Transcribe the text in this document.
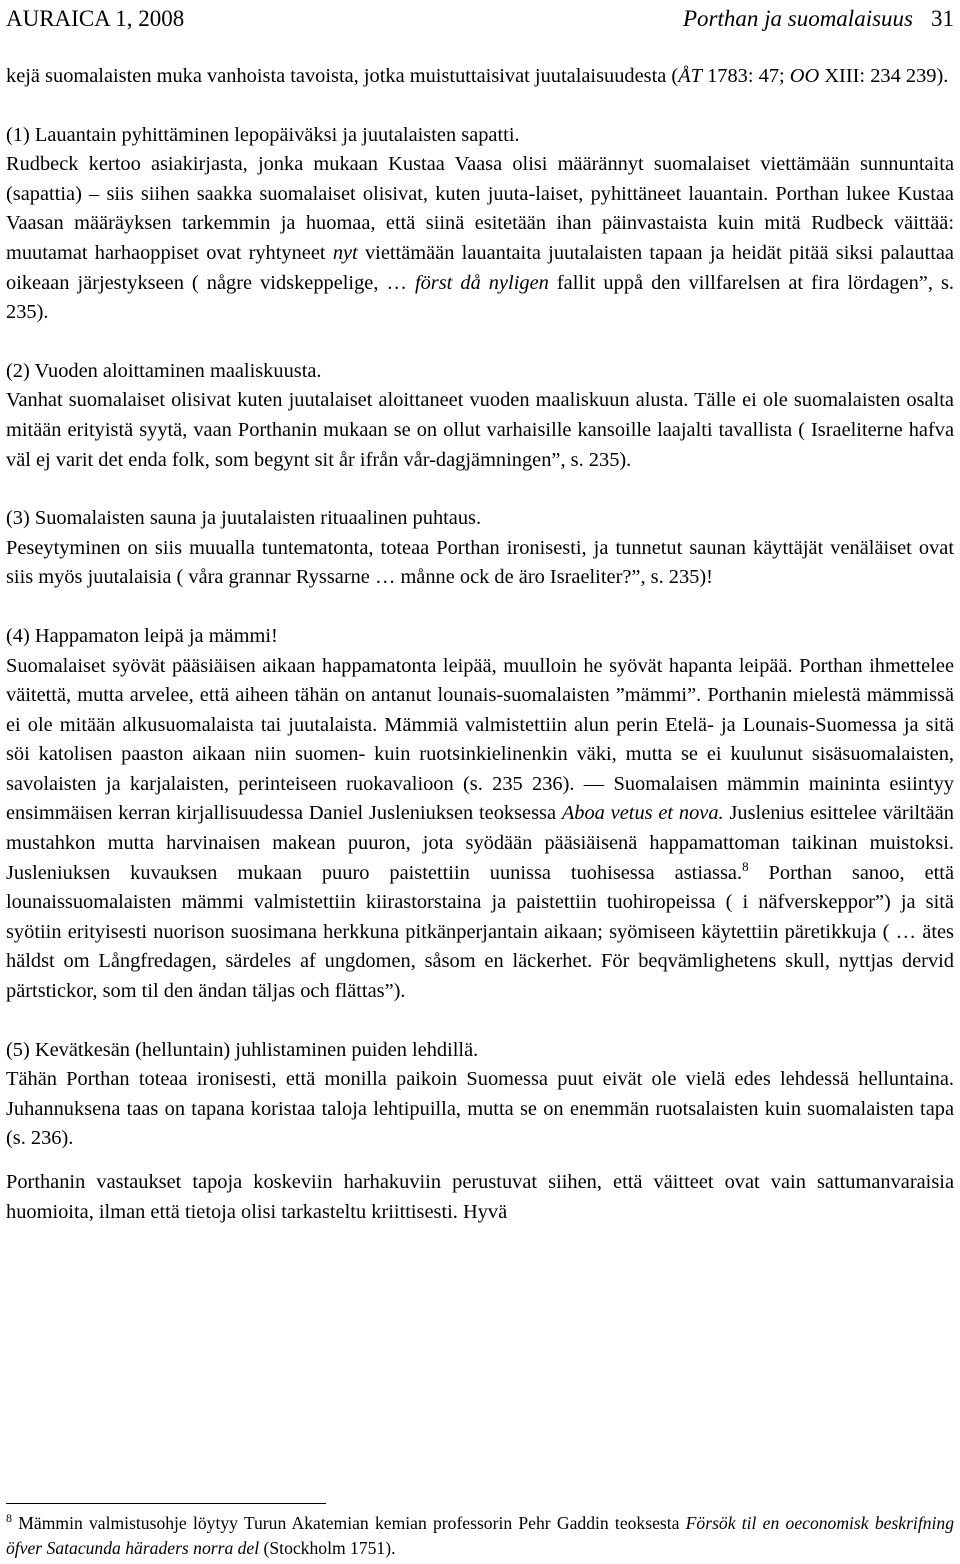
AURAICA 1, 2008	Porthan ja suomalaisuus 31

kejä suomalaisten muka vanhoista tavoista, jotka muistuttaisivat juutalaisuudesta (ÅT 1783: 47; OO XIII: 234 239).

(1) Lauantain pyhittäminen lepopäiväksi ja juutalaisten sapatti.

Rudbeck kertoo asiakirjasta, jonka mukaan Kustaa Vaasa olisi määrännyt suomalaiset viettämään sunnuntaita (sapattia) – siis siihen saakka suomalaiset olisivat, kuten juuta-laiset, pyhittäneet lauantain. Porthan lukee Kustaa Vaasan määräyksen tarkemmin ja huomaa, että siinä esitetään ihan päinvastaista kuin mitä Rudbeck väittää: muutamat harhaoppiset ovat ryhtyneet nyt viettämään lauantaita juutalaisten tapaan ja heidät pitää siksi palauttaa oikeaan järjestykseen ( någre vidskeppelige, … först då nyligen fallit uppå den villfarelsen at fira lördagen”, s. 235).

(2) Vuoden aloittaminen maaliskuusta.

Vanhat suomalaiset olisivat kuten juutalaiset aloittaneet vuoden maaliskuun alusta. Tälle ei ole suomalaisten osalta mitään erityistä syytä, vaan Porthanin mukaan se on ollut varhaisille kansoille laajalti tavallista ( Israeliterne hafva väl ej varit det enda folk, som begynt sit år ifrån vår-dagjämningen”, s. 235).

(3) Suomalaisten sauna ja juutalaisten rituaalinen puhtaus.

Peseytyminen on siis muualla tuntematonta, toteaa Porthan ironisesti, ja tunnetut saunan käyttäjät venäläiset ovat siis myös juutalaisia ( våra grannar Ryssarne … månne ock de äro Israeliter?”, s. 235)!

(4) Happamaton leipä ja mämmi!

Suomalaiset syövät pääsiäisen aikaan happamatonta leipää, muulloin he syövät hapanta leipää. Porthan ihmettelee väitettä, mutta arvelee, että aiheen tähän on antanut lounais-suomalaisten ”mämmi”. Porthanin mielestä mämmissä ei ole mitään alkusuomalaista tai juutalaista. Mämmiä valmistettiin alun perin Etelä- ja Lounais-Suomessa ja sitä söi katolisen paaston aikaan niin suomen- kuin ruotsinkielinenkin väki, mutta se ei kuulunut sisäsuomalaisten, savolaisten ja karjalaisten, perinteiseen ruokavalioon (s. 235 236). — Suomalaisen mämmin maininta esiintyy ensimmäisen kerran kirjallisuudessa Daniel Jusleniuksen teoksessa Aboa vetus et nova. Juslenius esittelee väriltään mustahkon mutta harvinaisen makean puuron, jota syödään pääsiäisenä happamattoman taikinan muistoksi. Jusleniuksen kuvauksen mukaan puuro paistettiin uunissa tuohisessa astiassa.$^8$ Porthan sanoo, että lounaissuomalaisten mämmi valmistettiin kiirastorstaina ja paistettiin tuohiropeissa ( i näfverskeppor”) ja sitä syötiin erityisesti nuorison suosimana herkkuna pitkänperjantain aikaan; syömiseen käytettiin päretikkuja ( … ätes häldst om Långfredagen, särdeles af ungdomen, såsom en läckerhet. För beqvämlighetens skull, nyttjas dervid pärtstickor, som til den ändan täljas och flättas”).

(5) Kevätkesän (helluntain) juhlistaminen puiden lehdillä.

Tähän Porthan toteaa ironisesti, että monilla paikoin Suomessa puut eivät ole vielä edes lehdessä helluntaina. Juhannuksena taas on tapana koristaa taloja lehtipuilla, mutta se on enemmän ruotsalaisten kuin suomalaisten tapa (s. 236).

Porthanin vastaukset tapoja koskeviin harhakuviin perustuvat siihen, että väitteet ovat vain sattumanvaraisia huomioita, ilman että tietoja olisi tarkasteltu kriittisesti. Hyvä

$^8$ Mämmin valmistusohje löytyy Turun Akatemian kemian professorin Pehr Gaddin teoksesta Försök til en oeconomisk beskrifning öfver Satacunda häraders norra del (Stockholm 1751).
